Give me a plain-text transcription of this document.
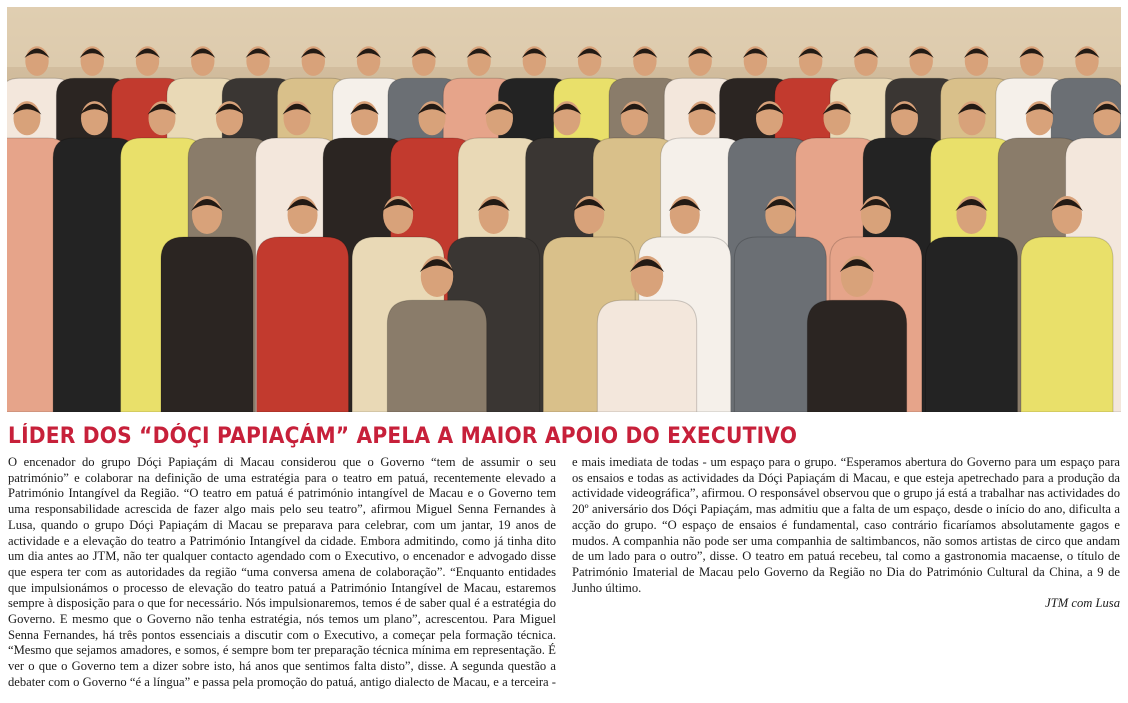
LÍDER DOS “DÓÇI PAPIAÇÁM” APELA A MAIOR APOIO DO EXECUTIVO

O encenador do grupo Dóçi Papiaçám di Macau considerou que o Governo “tem de assumir o seu património” e colaborar na definição de uma estratégia para o teatro em patuá, recentemente elevado a Património Intangível da Região. “O teatro em patuá é património intangível de Macau e o Governo tem uma responsabilidade acrescida de fazer algo mais pelo seu teatro”, afirmou Miguel Senna Fernandes à Lusa, quando o grupo Dóçi Papiaçám di Macau se preparava para celebrar, com um jantar, 19 anos de actividade e a elevação do teatro a Património Intangível da cidade. Embora admitindo, como já tinha dito um dia antes ao JTM, não ter qualquer contacto agendado com o Executivo, o encenador e advogado disse que espera ter com as autoridades da região “uma conversa amena de colaboração”. “Enquanto entidades que impulsionámos o processo de elevação do teatro patuá a Património Intangível de Macau, estaremos sempre à disposição para o que for necessário. Nós impulsionaremos, temos é de saber qual é a estratégia do Governo. E mesmo que o Governo não tenha estratégia, nós temos um plano”, acrescentou. Para Miguel Senna Fernandes, há três pontos essenciais a discutir com o Executivo, a começar pela formação técnica. “Mesmo que sejamos amadores, e somos, é sempre bom ter preparação técnica mínima em representação. É ver o que o Governo tem a dizer sobre isto, há anos que sentimos falta disto”, disse. A segunda questão a debater com o Governo “é a língua” e passa pela promoção do patuá, antigo dialecto de Macau, e a terceira - e mais imediata de todas - um espaço para o grupo. “Esperamos abertura do Governo para um espaço para os ensaios e todas as actividades da Dóçi Papiaçám di Macau, e que esteja apetrechado para a produção da actividade videográfica”, afirmou. O responsável observou que o grupo já está a trabalhar nas actividades do 20º aniversário dos Dóçi Papiaçám, mas admitiu que a falta de um espaço, desde o início do ano, dificulta a acção do grupo. “O espaço de ensaios é fundamental, caso contrário ficaríamos absolutamente gagos e mudos. A companhia não pode ser uma companhia de saltimbancos, não somos artistas de circo que andam de um lado para o outro”, disse. O teatro em patuá recebeu, tal como a gastronomia macaense, o título de Património Imaterial de Macau pelo Governo da Região no Dia do Património Cultural da China, a 9 de Junho último.
JTM com Lusa
